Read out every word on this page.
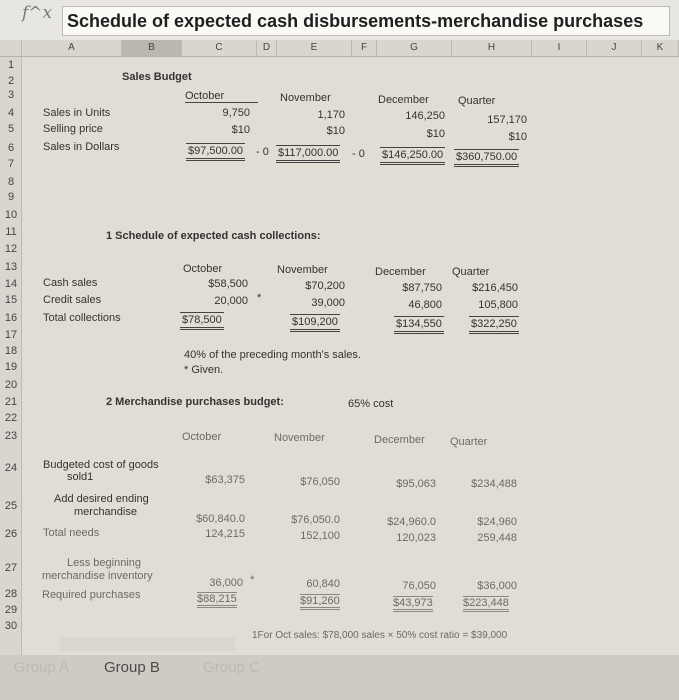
f^x Schedule of expected cash disbursements-merchandise purchases
A	B	C	D	E	F	G	H	I	J	K
1
2
3
4
5
6
7
8
9
10
11
12
13
14
15
16
17
18
19
20
21
22
23
24
25
26
27
28
29
30
Sales Budget
October	November	December	Quarter
Sales in Units	9,750	1,170	146,250	157,170
Selling price	$10	$10	$10	$10
Sales in Dollars	$97,500.00 - 0 $117,000.00 - 0 $146,250.00 $360,750.00
1 Schedule of expected cash collections:
October	November	December Quarter
Cash sales	$58,500	$70,200	$87,750	$216,450
Credit sales	20,000 *	39,000	46,800	105,800
Total collections	$78,500	$109,200	$134,550	$322,250
40% of the preceding month's sales.
* Given.
2 Merchandise purchases budget:	65% cost
October	November	December Quarter
Budgeted cost of goods
sold1	$63,375	$76,050	$95,063	$234,488
Add desired ending
merchandise
$60,840.0	$76,050.0	$24,960.0	$24,960
Total needs	124,215	152,100	120,023	259,448
Less beginning
merchandise inventory
36,000 *	60,840	76,050	$36,000
Required purchases	$88,215	$91,260	$43,973	$223,448
1For Oct sales: $78,000 sales × 50% cost ratio = $39,000
Group A Group B	Group C
